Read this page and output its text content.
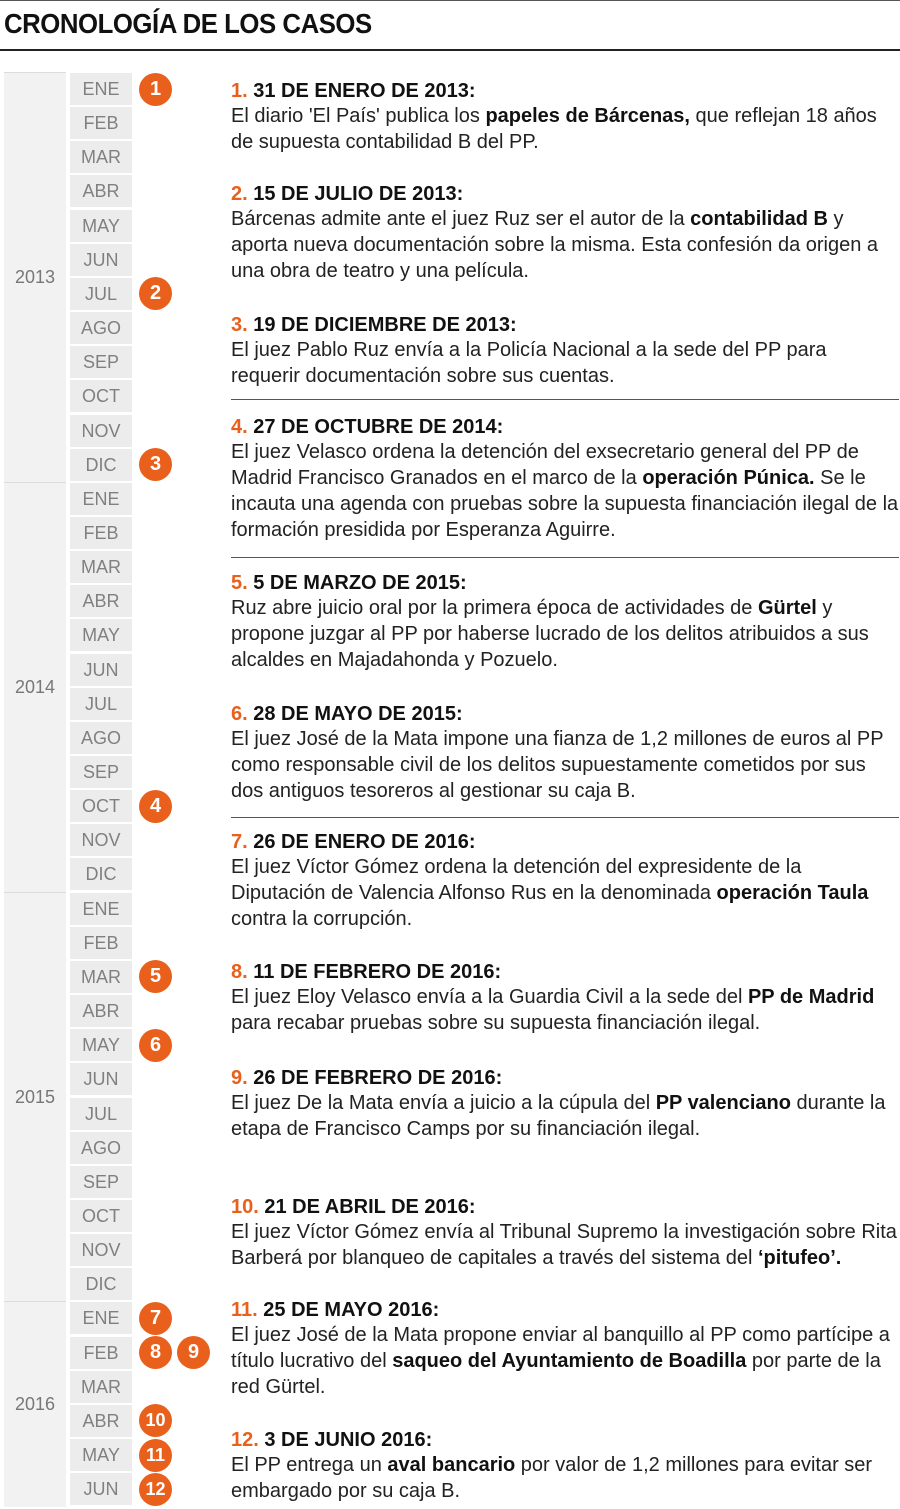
CRONOLOGÍA DE LOS CASOS
2013
ENE
FEB
MAR
ABR
MAY
JUN
JUL
AGO
SEP
OCT
NOV
DIC
2014
ENE
FEB
MAR
ABR
MAY
JUN
JUL
AGO
SEP
OCT
NOV
DIC
2015
ENE
FEB
MAR
ABR
MAY
JUN
JUL
AGO
SEP
OCT
NOV
DIC
2016
ENE
FEB
MAR
ABR
MAY
JUN
1
2
3
4
5
6
7
8	9
10
11
12
1. 31 DE ENERO DE 2013:
El diario 'El País' publica los papeles de Bárcenas, que reflejan 18 años de supuesta contabilidad B del PP.
2. 15 DE JULIO DE 2013:
Bárcenas admite ante el juez Ruz ser el autor de la contabilidad B y aporta nueva documentación sobre la misma. Esta confesión da origen a una obra de teatro y una película.
3. 19 DE DICIEMBRE DE 2013:
El juez Pablo Ruz envía a la Policía Nacional a la sede del PP para requerir documentación sobre sus cuentas.
4. 27 DE OCTUBRE DE 2014:
El juez Velasco ordena la detención del exsecretario general del PP de Madrid Francisco Granados en el marco de la operación Púnica. Se le incauta una agenda con pruebas sobre la supuesta financiación ilegal de la formación presidida por Esperanza Aguirre.
5. 5 DE MARZO DE 2015:
Ruz abre juicio oral por la primera época de actividades de Gürtel y propone juzgar al PP por haberse lucrado de los delitos atribuidos a sus alcaldes en Majadahonda y Pozuelo.
6. 28 DE MAYO DE 2015:
El juez José de la Mata impone una fianza de 1,2 millones de euros al PP como responsable civil de los delitos supuestamente cometidos por sus dos antiguos tesoreros al gestionar su caja B.
7. 26 DE ENERO DE 2016:
El juez Víctor Gómez ordena la detención del expresidente de la Diputación de Valencia Alfonso Rus en la denominada operación Taula contra la corrupción.
8. 11 DE FEBRERO DE 2016:
El juez Eloy Velasco envía a la Guardia Civil a la sede del PP de Madrid para recabar pruebas sobre su supuesta financiación ilegal.
9. 26 DE FEBRERO DE 2016:
El juez De la Mata envía a juicio a la cúpula del PP valenciano durante la etapa de Francisco Camps por su financiación ilegal.
10. 21 DE ABRIL DE 2016:
El juez Víctor Gómez envía al Tribunal Supremo la investigación sobre Rita Barberá por blanqueo de capitales a través del sistema del ‘pitufeo’.
11. 25 DE MAYO 2016:
El juez José de la Mata propone enviar al banquillo al PP como partícipe a título lucrativo del saqueo del Ayuntamiento de Boadilla por parte de la red Gürtel.
12. 3 DE JUNIO 2016:
El PP entrega un aval bancario por valor de 1,2 millones para evitar ser embargado por su caja B.
